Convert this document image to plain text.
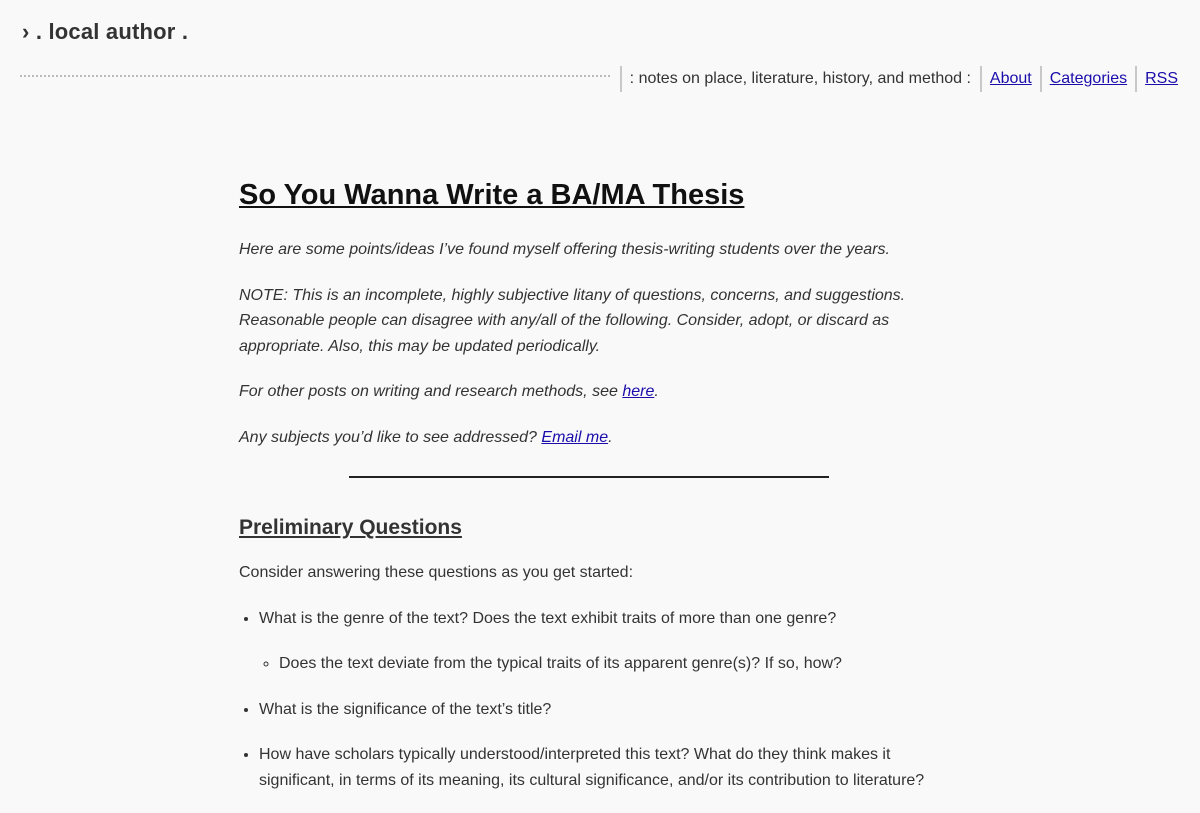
› . local author .
: notes on place, literature, history, and method :	About	Categories	RSS
So You Wanna Write a BA/MA Thesis

Here are some points/ideas I’ve found myself offering thesis-writing students over the years.

NOTE: This is an incomplete, highly subjective litany of questions, concerns, and suggestions. Reasonable people can disagree with any/all of the following. Consider, adopt, or discard as appropriate. Also, this may be updated periodically.

For other posts on writing and research methods, see here.

Any subjects you’d like to see addressed? Email me.

Preliminary Questions

Consider answering these questions as you get started:

• What is the genre of the text? Does the text exhibit traits of more than one genre?
◦ Does the text deviate from the typical traits of its apparent genre(s)? If so, how?
• What is the significance of the text’s title?
• How have scholars typically understood/interpreted this text? What do they think makes it significant, in terms of its meaning, its cultural significance, and/or its contribution to literature?
